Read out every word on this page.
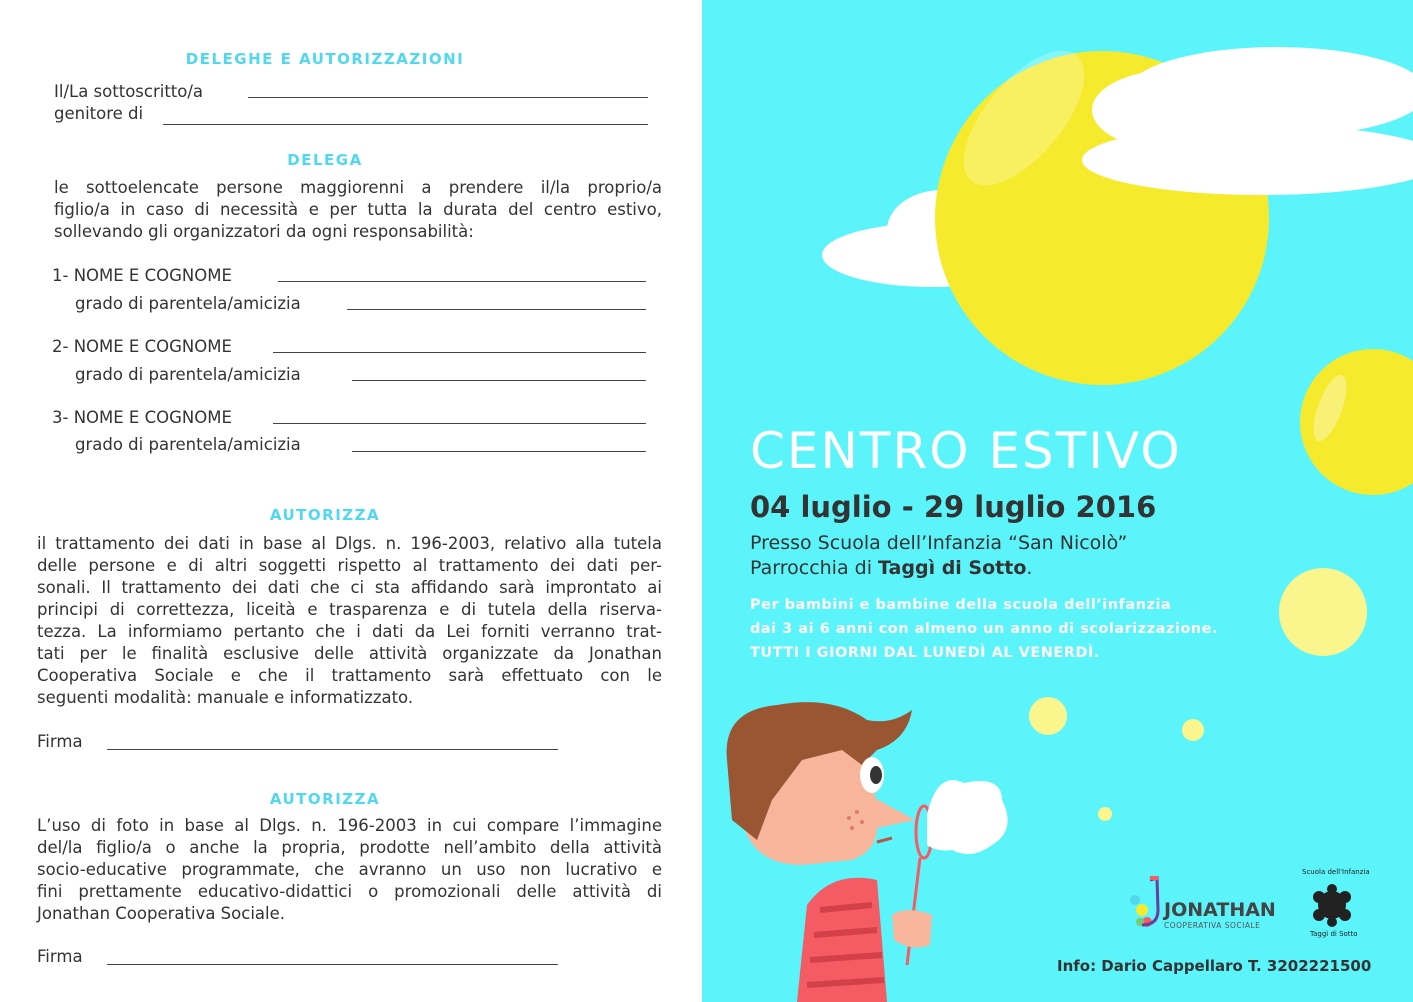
DELEGHE E AUTORIZZAZIONI
Il/La sottoscritto/a
genitore di
DELEGA
le sottoelencate persone maggiorenni a prendere il/la proprio/a
figlio/a in caso di necessità e per tutta la durata del centro estivo,
sollevando gli organizzatori da ogni responsabilità:
1- NOME E COGNOME
grado di parentela/amicizia
2- NOME E COGNOME
grado di parentela/amicizia
3- NOME E COGNOME
grado di parentela/amicizia
AUTORIZZA
il trattamento dei dati in base al Dlgs. n. 196-2003, relativo alla tutela
delle persone e di altri soggetti rispetto al trattamento dei dati per-
sonali. Il trattamento dei dati che ci sta affidando sarà improntato ai
principi di correttezza, liceità e trasparenza e di tutela della riserva-
tezza. La informiamo pertanto che i dati da Lei forniti verranno trat-
tati per le finalità esclusive delle attività organizzate da Jonathan
Cooperativa Sociale e che il trattamento sarà effettuato con le
seguenti modalità: manuale e informatizzato.
Firma
AUTORIZZA
L’uso di foto in base al Dlgs. n. 196-2003 in cui compare l’immagine
del/la figlio/a o anche la propria, prodotte nell’ambito della attività
socio-educative programmate, che avranno un uso non lucrativo e
fini prettamente educativo-didattici o promozionali delle attività di
Jonathan Cooperativa Sociale.
Firma
CENTRO ESTIVO
04 luglio - 29 luglio 2016
Presso Scuola dell’Infanzia “San Nicolò”
Parrocchia di Taggì di Sotto.
Per bambini e bambine della scuola dell’infanzia
dai 3 ai 6 anni con almeno un anno di scolarizzazione.
TUTTI I GIORNI DAL LUNEDÌ AL VENERDÌ.
JONATHAN
COOPERATIVA SOCIALE
Scuola dell'Infanzia
Taggì di Sotto
Info: Dario Cappellaro T. 3202221500
